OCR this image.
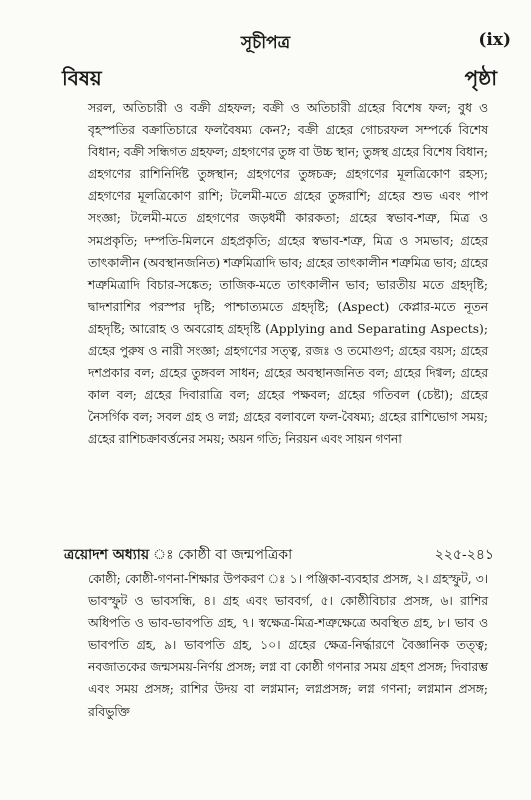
সূচীপত্র	(ix)
বিষয়	পৃষ্ঠা
সরল, অতিচারী ও বক্রী গ্রহফল; বক্রী ও অতিচারী গ্রহের বিশেষ ফল; বুধ ও বৃহস্পতির বক্রাতিচারে ফলবৈষম্য কেন?; বক্রী গ্রহের গোচরফল সম্পর্কে বিশেষ বিধান; বক্রী সন্ধিগত গ্রহফল; গ্রহগণের তুঙ্গ বা উচ্চ স্থান; তুঙ্গস্থ গ্রহের বিশেষ বিধান; গ্রহগণের রাশিনির্দিষ্ট তুঙ্গস্থান; গ্রহগণের তুঙ্গচক্র; গ্রহগণের মূলত্রিকোণ রহস্য; গ্রহগণের মূলত্রিকোণ রাশি; টলেমী-মতে গ্রহের তুঙ্গরাশি; গ্রহের শুভ এবং পাপ সংজ্ঞা; টলেমী-মতে গ্রহগণের জড়ধর্মী কারকতা; গ্রহের স্বভাব-শত্রু, মিত্র ও সমপ্রকৃতি; দম্পতি-মিলনে গ্রহপ্রকৃতি; গ্রহের স্বভাব-শত্রু, মিত্র ও সমভাব; গ্রহের তাৎকালীন (অবস্থানজনিত) শত্রুমিত্রাদি ভাব; গ্রহের তাৎকালীন শত্রুমিত্র ভাব; গ্রহের শত্রুমিত্রাদি বিচার-সঙ্কেত; তাজিক-মতে তাৎকালীন ভাব; ভারতীয় মতে গ্রহদৃষ্টি; দ্বাদশরাশির পরস্পর দৃষ্টি; পাশ্চাত্যমতে গ্রহদৃষ্টি; (Aspect) কেপ্লার-মতে নূতন গ্রহদৃষ্টি; আরোহ ও অবরোহ গ্রহদৃষ্টি (Applying and Separating Aspects); গ্রহের পুরুষ ও নারী সংজ্ঞা; গ্রহগণের সত্ত্ব, রজঃ ও তমোগুণ; গ্রহের বয়স; গ্রহের দশপ্রকার বল; গ্রহের তুঙ্গবল সাধন; গ্রহের অবস্থানজনিত বল; গ্রহের দিগ্বল; গ্রহের কাল বল; গ্রহের দিবারাত্রি বল; গ্রহের পক্ষবল; গ্রহের গতিবল (চেষ্টা); গ্রহের নৈসর্গিক বল; সবল গ্রহ ও লগ্ন; গ্রহের বলাবলে ফল-বৈষম্য; গ্রহের রাশিভোগ সময়; গ্রহের রাশিচক্রাবর্ত্তনের সময়; অয়ন গতি; নিরয়ন এবং সায়ন গণনা
ত্রয়োদশ অধ্যায় ঃ কোষ্ঠী বা জন্মপত্রিকা	২২৫-২৪১
কোষ্ঠী; কোষ্ঠী-গণনা-শিক্ষার উপকরণ ঃ ১। পঞ্জিকা-ব্যবহার প্রসঙ্গ, ২। গ্রহস্ফুট, ৩। ভাবস্ফুট ও ভাবসন্ধি, ৪। গ্রহ এবং ভাববর্গ, ৫। কোষ্ঠীবিচার প্রসঙ্গ, ৬। রাশির অধিপতি ও ভাব-ভাবপতি গ্রহ, ৭। স্বক্ষেত্র-মিত্র-শত্রুক্ষেত্রে অবস্থিত গ্রহ, ৮। ভাব ও ভাবপতি গ্রহ, ৯। ভাবপতি গ্রহ, ১০। গ্রহের ক্ষেত্র-নির্দ্ধারণে বৈজ্ঞানিক তত্ত্ব; নবজাতকের জন্মসময়-নির্ণয় প্রসঙ্গ; লগ্ন বা কোষ্ঠী গণনার সময় গ্রহণ প্রসঙ্গ; দিবারম্ভ এবং সময় প্রসঙ্গ; রাশির উদয় বা লগ্নমান; লগ্নপ্রসঙ্গ; লগ্ন গণনা; লগ্নমান প্রসঙ্গ; রবিভুক্তি
